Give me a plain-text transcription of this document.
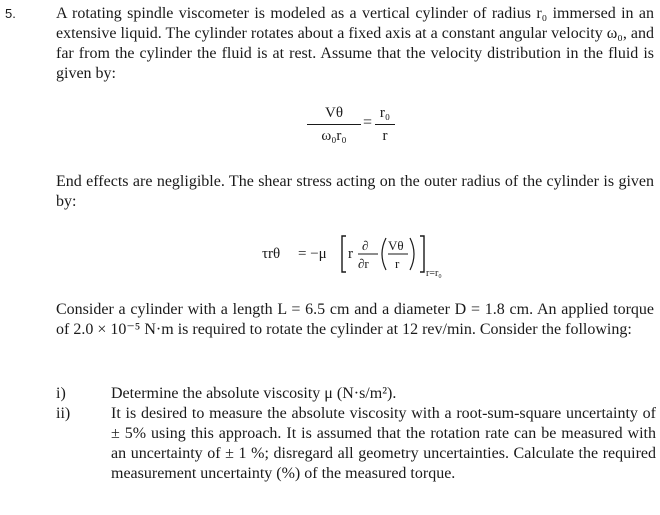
5.	A rotating spindle viscometer is modeled as a vertical cylinder of radius r₀ immersed in an extensive liquid. The cylinder rotates about a fixed axis at a constant angular velocity ω₀, and far from the cylinder the fluid is at rest. Assume that the velocity distribution in the fluid is given by:

Vθ
ω₀r₀
=
r₀
r

End effects are negligible. The shear stress acting on the outer radius of the cylinder is given by:

τrθ = −μ r
∂
∂r
Vθ
r
r=r₀

Consider a cylinder with a length L = 6.5 cm and a diameter D = 1.8 cm. An applied torque of 2.0 × 10⁻⁵ N·m is required to rotate the cylinder at 12 rev/min. Consider the following:

i)	Determine the absolute viscosity μ (N·s/m²).
ii)	It is desired to measure the absolute viscosity with a root-sum-square uncertainty of ± 5% using this approach. It is assumed that the rotation rate can be measured with an uncertainty of ± 1 %; disregard all geometry uncertainties. Calculate the required measurement uncertainty (%) of the measured torque.
